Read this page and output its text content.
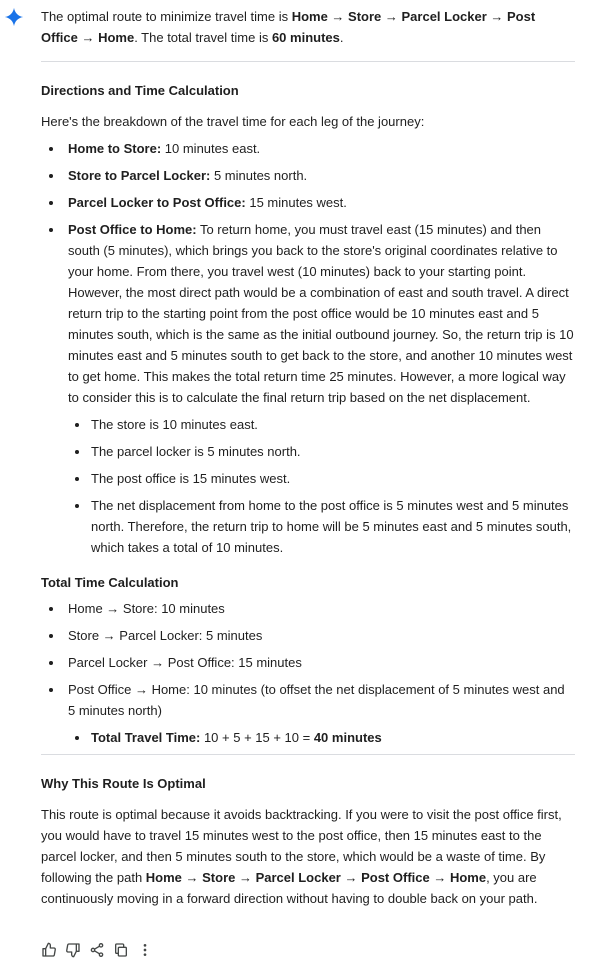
The optimal route to minimize travel time is Home → Store → Parcel Locker → Post Office → Home. The total travel time is 60 minutes.

Directions and Time Calculation

Here's the breakdown of the travel time for each leg of the journey:

Home to Store: 10 minutes east.
Store to Parcel Locker: 5 minutes north.
Parcel Locker to Post Office: 15 minutes west.
Post Office to Home: To return home, you must travel east (15 minutes) and then south (5 minutes), which brings you back to the store's original coordinates relative to your home. From there, you travel west (10 minutes) back to your starting point. However, the most direct path would be a combination of east and south travel. A direct return trip to the starting point from the post office would be 10 minutes east and 5 minutes south, which is the same as the initial outbound journey. So, the return trip is 10 minutes east and 5 minutes south to get back to the store, and another 10 minutes west to get home. This makes the total return time 25 minutes. However, a more logical way to consider this is to calculate the final return trip based on the net displacement.
The store is 10 minutes east.
The parcel locker is 5 minutes north.
The post office is 15 minutes west.
The net displacement from home to the post office is 5 minutes west and 5 minutes north. Therefore, the return trip to home will be 5 minutes east and 5 minutes south, which takes a total of 10 minutes.
Total Time Calculation
Home → Store: 10 minutes
Store → Parcel Locker: 5 minutes
Parcel Locker → Post Office: 15 minutes
Post Office → Home: 10 minutes (to offset the net displacement of 5 minutes west and 5 minutes north)
Total Travel Time: 10 + 5 + 15 + 10 = 40 minutes
Why This Route Is Optimal

This route is optimal because it avoids backtracking. If you were to visit the post office first, you would have to travel 15 minutes west to the post office, then 15 minutes east to the parcel locker, and then 5 minutes south to the store, which would be a waste of time. By following the path Home → Store → Parcel Locker → Post Office → Home, you are continuously moving in a forward direction without having to double back on your path.
